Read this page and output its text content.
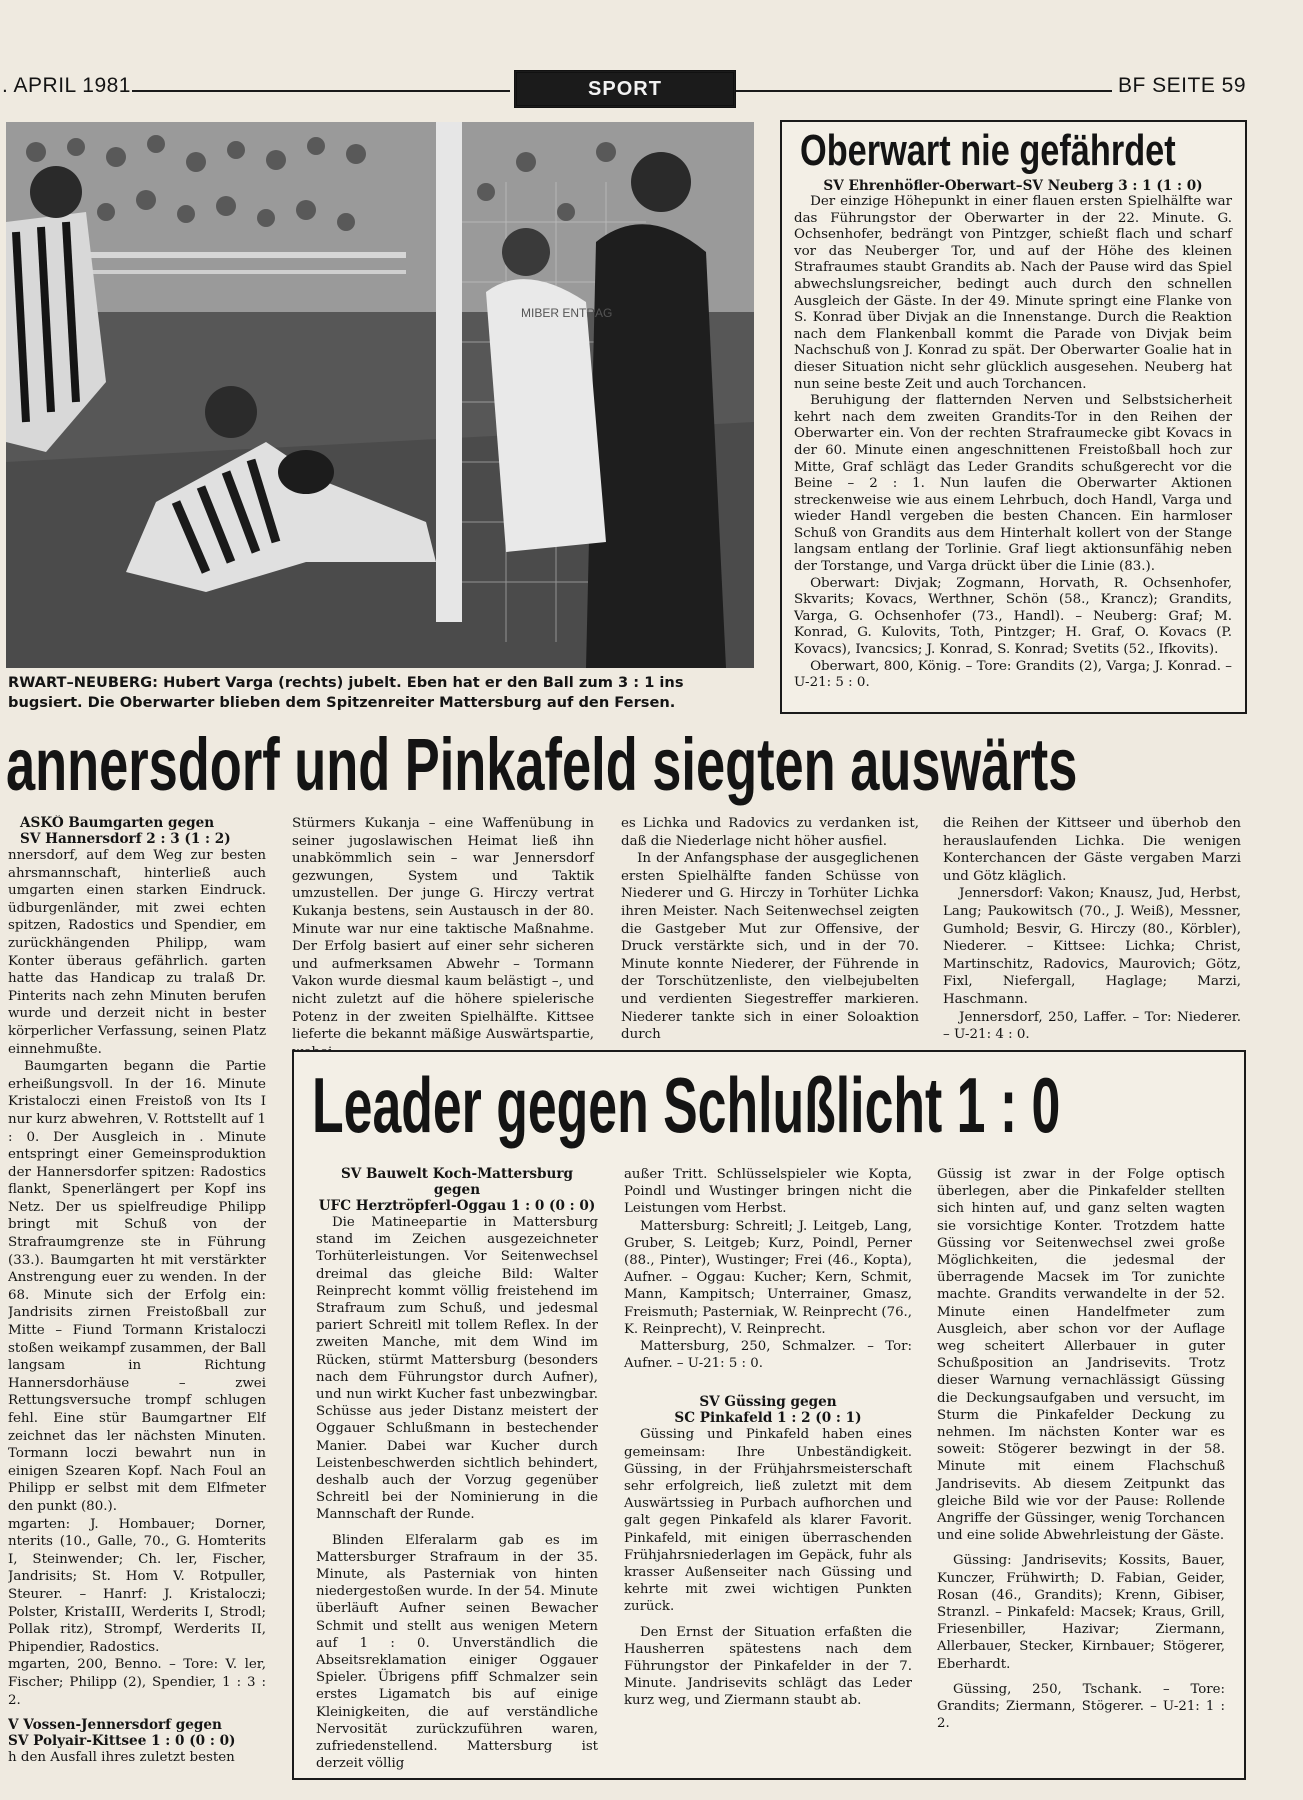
. APRIL 1981	SPORT	BF SEITE 59
MIBER ENTRAG
RWART–NEUBERG: Hubert Varga (rechts) jubelt. Eben hat er den Ball zum 3 : 1 ins
bugsiert. Die Oberwarter blieben dem Spitzenreiter Mattersburg auf den Fersen.
Oberwart nie gefährdet

SV Ehrenhöfler-Oberwart–SV Neuberg 3 : 1 (1 : 0)

Der einzige Höhepunkt in einer flauen ersten Spielhälfte war das Führungstor der Oberwarter in der 22. Minute. G. Ochsenhofer, bedrängt von Pintzger, schießt flach und scharf vor das Neuberger Tor, und auf der Höhe des kleinen Strafraumes staubt Grandits ab. Nach der Pause wird das Spiel abwechslungsreicher, bedingt auch durch den schnellen Ausgleich der Gäste. In der 49. Minute springt eine Flanke von S. Konrad über Divjak an die Innenstange. Durch die Reaktion nach dem Flankenball kommt die Parade von Divjak beim Nachschuß von J. Konrad zu spät. Der Oberwarter Goalie hat in dieser Situation nicht sehr glücklich ausgesehen. Neuberg hat nun seine beste Zeit und auch Torchancen.

Beruhigung der flatternden Nerven und Selbstsicherheit kehrt nach dem zweiten Grandits-Tor in den Reihen der Oberwarter ein. Von der rechten Strafraumecke gibt Kovacs in der 60. Minute einen angeschnittenen Freistoßball hoch zur Mitte, Graf schlägt das Leder Grandits schußgerecht vor die Beine – 2 : 1. Nun laufen die Oberwarter Aktionen streckenweise wie aus einem Lehrbuch, doch Handl, Varga und wieder Handl vergeben die besten Chancen. Ein harmloser Schuß von Grandits aus dem Hinterhalt kollert von der Stange langsam entlang der Torlinie. Graf liegt aktionsunfähig neben der Torstange, und Varga drückt über die Linie (83.).

Oberwart: Divjak; Zogmann, Horvath, R. Ochsenhofer, Skvarits; Kovacs, Werthner, Schön (58., Krancz); Grandits, Varga, G. Ochsenhofer (73., Handl). – Neuberg: Graf; M. Konrad, G. Kulovits, Toth, Pintzger; H. Graf, O. Kovacs (P. Kovacs), Ivancsics; J. Konrad, S. Konrad; Svetits (52., Ifkovits).

Oberwart, 800, König. – Tore: Grandits (2), Varga; J. Konrad. – U-21: 5 : 0.

annersdorf und Pinkafeld siegten auswärts

ASKÖ Baumgarten gegen

SV Hannersdorf 2 : 3 (1 : 2)

nnersdorf, auf dem Weg zur besten ahrsmannschaft, hinterließ auch umgarten einen starken Eindruck. üdburgenländer, mit zwei echten spitzen, Radostics und Spendier, em zurückhängenden Philipp, wam Konter überaus gefährlich. garten hatte das Handicap zu tralaß Dr. Pinterits nach zehn Minuten berufen wurde und derzeit nicht in bester körperlicher Verfassung, seinen Platz einnehmußte.

Baumgarten begann die Partie erheißungsvoll. In der 16. Minute Kristaloczi einen Freistoß von Its I nur kurz abwehren, V. Rottstellt auf 1 : 0. Der Ausgleich in . Minute entspringt einer Gemeinsproduktion der Hannersdorfer spitzen: Radostics flankt, Spenerlängert per Kopf ins Netz. Der us spielfreudige Philipp bringt mit Schuß von der Strafraumgrenze ste in Führung (33.). Baumgarten ht mit verstärkter Anstrengung euer zu wenden. In der 68. Minute sich der Erfolg ein: Jandrisits zirnen Freistoßball zur Mitte – Fiund Tormann Kristaloczi stoßen weikampf zusammen, der Ball langsam in Richtung Hannersdorhäuse – zwei Rettungsversuche trompf schlugen fehl. Eine stür Baumgartner Elf zeichnet das ler nächsten Minuten. Tormann loczi bewahrt nun in einigen Szearen Kopf. Nach Foul an Philipp er selbst mit dem Elfmeter den punkt (80.).

mgarten: J. Hombauer; Dorner, nterits (10., Galle, 70., G. Homterits I, Steinwender; Ch. ler, Fischer, Jandrisits; St. Hom V. Rotpuller, Steurer. – Hanrf: J. Kristaloczi; Polster, KristaIII, Werderits I, Strodl; Pollak ritz), Strompf, Werderits II, Phipendier, Radostics.

mgarten, 200, Benno. – Tore: V. ler, Fischer; Philipp (2), Spendier, 1 : 3 : 2.

V Vossen-Jennersdorf gegen

SV Polyair-Kittsee 1 : 0 (0 : 0)

h den Ausfall ihres zuletzt besten

Stürmers Kukanja – eine Waffenübung in seiner jugoslawischen Heimat ließ ihn unabkömmlich sein – war Jennersdorf gezwungen, System und Taktik umzustellen. Der junge G. Hirczy vertrat Kukanja bestens, sein Austausch in der 80. Minute war nur eine taktische Maßnahme. Der Erfolg basiert auf einer sehr sicheren und aufmerksamen Abwehr – Tormann Vakon wurde diesmal kaum belästigt –, und nicht zuletzt auf die höhere spielerische Potenz in der zweiten Spielhälfte. Kittsee lieferte die bekannt mäßige Auswärtspartie,

es Lichka und Radovics zu verdanken ist, daß die Niederlage nicht höher ausfiel.

In der Anfangsphase der ausgeglichenen ersten Spielhälfte fanden Schüsse von Niederer und G. Hirczy in Torhüter Lichka ihren Meister. Nach Seitenwechsel zeigten die Gastgeber Mut zur Offensive, der Druck verstärkte sich, und in der 70. Minute konnte Niederer, der Führende in der Torschützenliste, den vielbejubelten und verdienten Siegestreffer markieren. Niederer tankte sich in einer Soloaktion durch

die Reihen der Kittseer und überhob den herauslaufenden Lichka. Die wenigen Konterchancen der Gäste vergaben Marzi und Götz kläglich.

Jennersdorf: Vakon; Knausz, Jud, Herbst, Lang; Paukowitsch (70., J. Weiß), Messner, Gumhold; Besvir, G. Hirczy (80., Körbler), Niederer. – Kittsee: Lichka; Christ, Martinschitz, Radovics, Maurovich; Götz, Fixl, Niefergall, Haglage; Marzi, Haschmann.

Jennersdorf, 250, Laffer. – Tor: Niederer. – U-21: 4 : 0.

Leader gegen Schlußlicht 1 : 0

SV Bauwelt Koch-Mattersburg gegen

UFC Herztröpferl-Oggau 1 : 0 (0 : 0)

Die Matineepartie in Mattersburg stand im Zeichen ausgezeichneter Torhüterleistungen. Vor Seitenwechsel dreimal das gleiche Bild: Walter Reinprecht kommt völlig freistehend im Strafraum zum Schuß, und jedesmal pariert Schreitl mit tollem Reflex. In der zweiten Manche, mit dem Wind im Rücken, stürmt Mattersburg (besonders nach dem Führungstor durch Aufner), und nun wirkt Kucher fast unbezwingbar. Schüsse aus jeder Distanz meistert der Oggauer Schlußmann in bestechender Manier. Dabei war Kucher durch Leistenbeschwerden sichtlich behindert, deshalb auch der Vorzug gegenüber Schreitl bei der Nominierung in die Mannschaft der Runde.

Blinden Elferalarm gab es im Mattersburger Strafraum in der 35. Minute, als Pasterniak von hinten niedergestoßen wurde. In der 54. Minute überläuft Aufner seinen Bewacher Schmit und stellt aus wenigen Metern auf 1 : 0. Unverständlich die Abseitsreklamation einiger Oggauer Spieler. Übrigens pfiff Schmalzer sein erstes Ligamatch bis auf einige Kleinigkeiten, die auf verständliche Nervosität zurückzuführen waren, zufriedenstellend. Mattersburg ist derzeit völlig

außer Tritt. Schlüsselspieler wie Kopta, Poindl und Wustinger bringen nicht die Leistungen vom Herbst.

Mattersburg: Schreitl; J. Leitgeb, Lang, Gruber, S. Leitgeb; Kurz, Poindl, Perner (88., Pinter), Wustinger; Frei (46., Kopta), Aufner. – Oggau: Kucher; Kern, Schmit, Mann, Kampitsch; Unterrainer, Gmasz, Freismuth; Pasterniak, W. Reinprecht (76., K. Reinprecht), V. Reinprecht.

Mattersburg, 250, Schmalzer. – Tor: Aufner. – U-21: 5 : 0.

SV Güssing gegen

SC Pinkafeld 1 : 2 (0 : 1)

Güssing und Pinkafeld haben eines gemeinsam: Ihre Unbeständigkeit. Güssing, in der Frühjahrsmeisterschaft sehr erfolgreich, ließ zuletzt mit dem Auswärtssieg in Purbach aufhorchen und galt gegen Pinkafeld als klarer Favorit. Pinkafeld, mit einigen überraschenden Frühjahrsniederlagen im Gepäck, fuhr als krasser Außenseiter nach Güssing und kehrte mit zwei wichtigen Punkten zurück.

Den Ernst der Situation erfaßten die Hausherren spätestens nach dem Führungstor der Pinkafelder in der 7. Minute. Jandrisevits schlägt das Leder kurz weg, und Ziermann staubt ab.

Güssig ist zwar in der Folge optisch überlegen, aber die Pinkafelder stellten sich hinten auf, und ganz selten wagten sie vorsichtige Konter. Trotzdem hatte Güssing vor Seitenwechsel zwei große Möglichkeiten, die jedesmal der überragende Macsek im Tor zunichte machte. Grandits verwandelte in der 52. Minute einen Handelfmeter zum Ausgleich, aber schon vor der Auflage weg scheitert Allerbauer in guter Schußposition an Jandrisevits. Trotz dieser Warnung vernachlässigt Güssing die Deckungsaufgaben und versucht, im Sturm die Pinkafelder Deckung zu nehmen. Im nächsten Konter war es soweit: Stögerer bezwingt in der 58. Minute mit einem Flachschuß Jandrisevits. Ab diesem Zeitpunkt das gleiche Bild wie vor der Pause: Rollende Angriffe der Güssinger, wenig Torchancen und eine solide Abwehrleistung der Gäste.

Güssing: Jandrisevits; Kossits, Bauer, Kunczer, Frühwirth; D. Fabian, Geider, Rosan (46., Grandits); Krenn, Gibiser, Stranzl. – Pinkafeld: Macsek; Kraus, Grill, Friesenbiller, Hazivar; Ziermann, Allerbauer, Stecker, Kirnbauer; Stögerer, Eberhardt.

Güssing, 250, Tschank. – Tore: Grandits; Ziermann, Stögerer. – U-21: 1 : 2.
